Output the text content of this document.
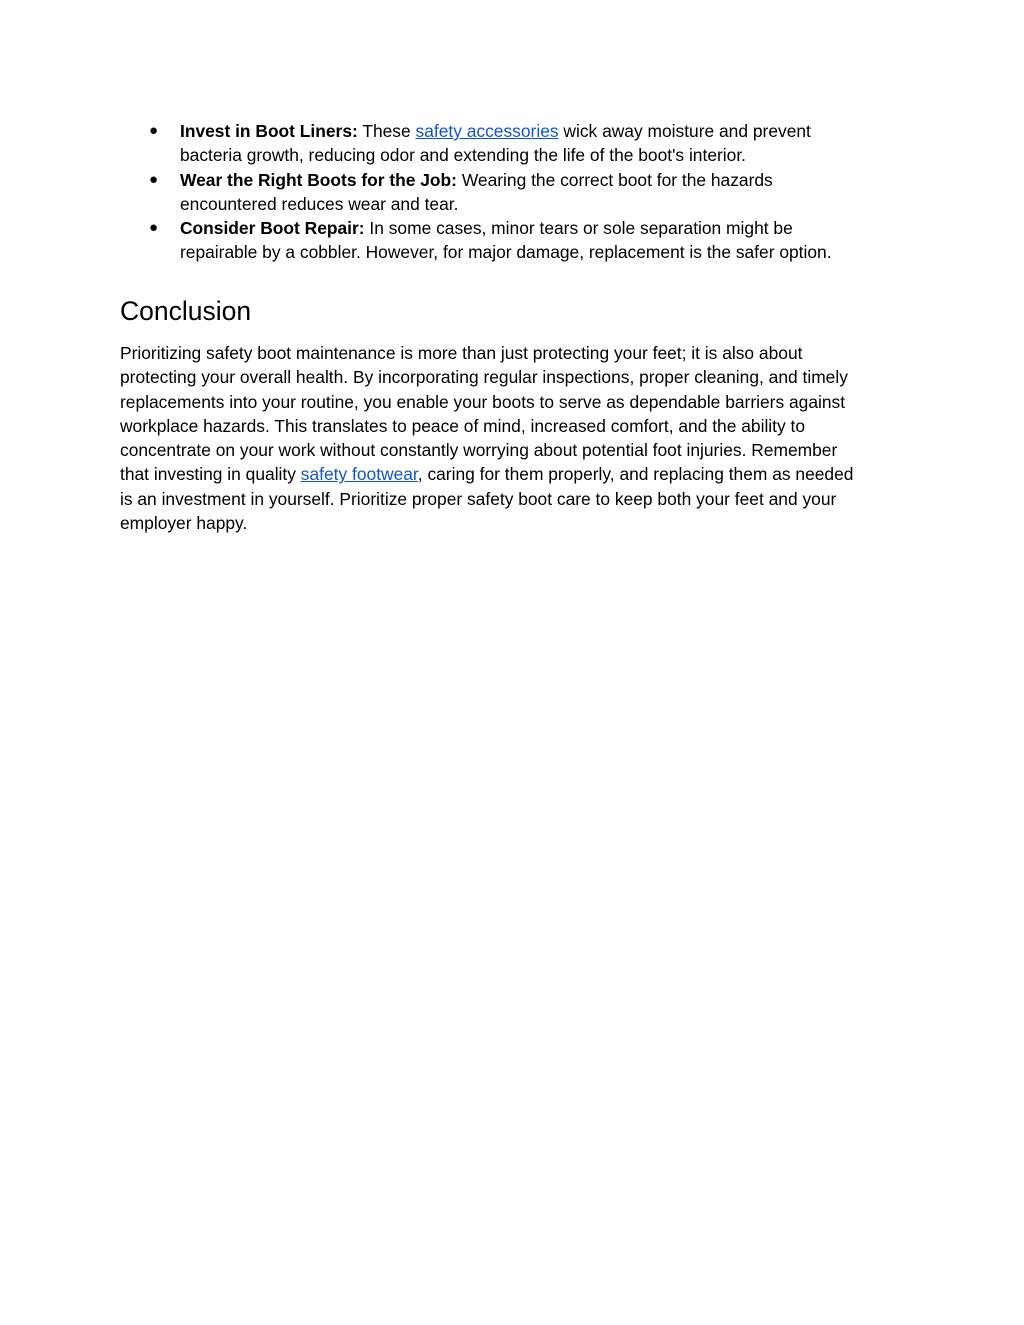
● Invest in Boot Liners: These safety accessories wick away moisture and prevent
bacteria growth, reducing odor and extending the life of the boot's interior.
● Wear the Right Boots for the Job: Wearing the correct boot for the hazards
encountered reduces wear and tear.
● Consider Boot Repair: In some cases, minor tears or sole separation might be
repairable by a cobbler. However, for major damage, replacement is the safer option.
Conclusion

Prioritizing safety boot maintenance is more than just protecting your feet; it is also about
protecting your overall health. By incorporating regular inspections, proper cleaning, and timely
replacements into your routine, you enable your boots to serve as dependable barriers against
workplace hazards. This translates to peace of mind, increased comfort, and the ability to
concentrate on your work without constantly worrying about potential foot injuries. Remember
that investing in quality safety footwear, caring for them properly, and replacing them as needed
is an investment in yourself. Prioritize proper safety boot care to keep both your feet and your
employer happy.
